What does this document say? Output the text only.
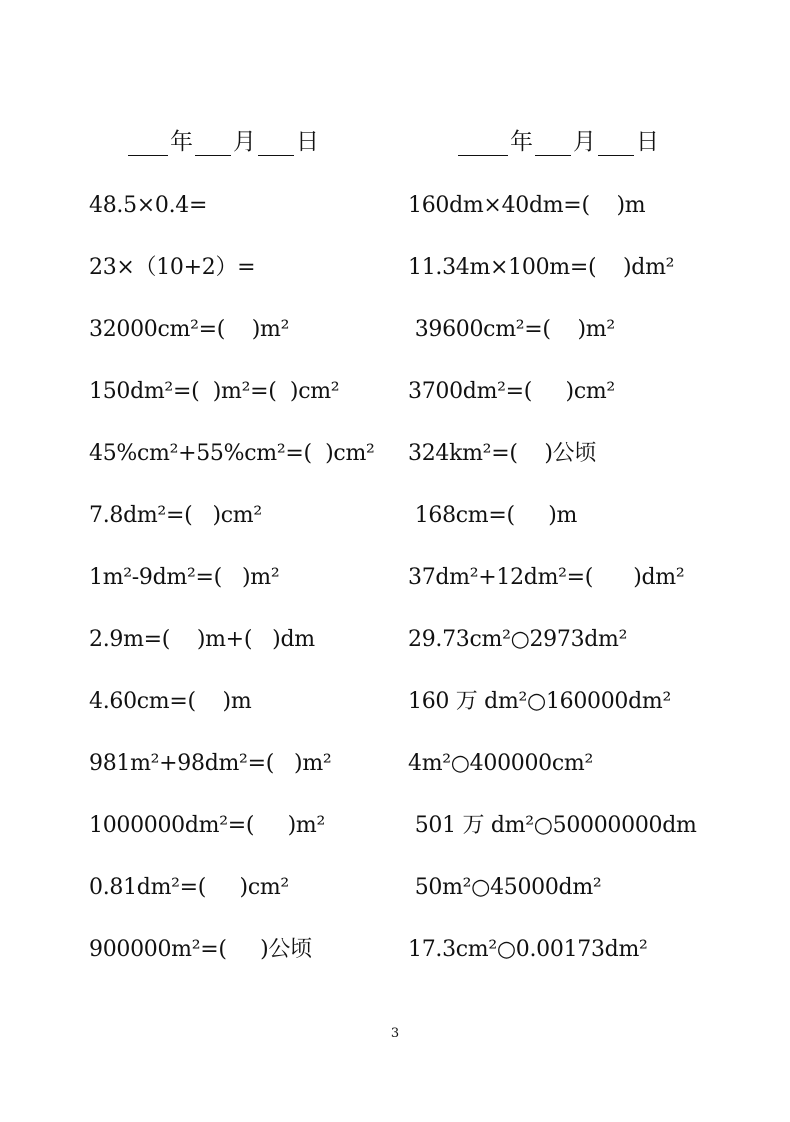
年 月 日	年 月 日
48.5×0.4=
23×（10+2）=
32000cm²=(    )m²
150dm²=(  )m²=(  )cm²
45%cm²+55%cm²=(  )cm²
7.8dm²=(   )cm²
1m²-9dm²=(   )m²
2.9m=(    )m+(   )dm
4.60cm=(    )m
981m²+98dm²=(   )m²
1000000dm²=(     )m²
0.81dm²=(     )cm²
900000m²=(     )公顷
160dm×40dm=(    )m
11.34m×100m=(    )dm²
39600cm²=(    )m²
3700dm²=(     )cm²
324km²=(    )公顷
168cm=(     )m
37dm²+12dm²=(      )dm²
29.73cm²○2973dm²
160 万 dm²○160000dm²
4m²○400000cm²
501 万 dm²○50000000dm
50m²○45000dm²
17.3cm²○0.00173dm²
3
